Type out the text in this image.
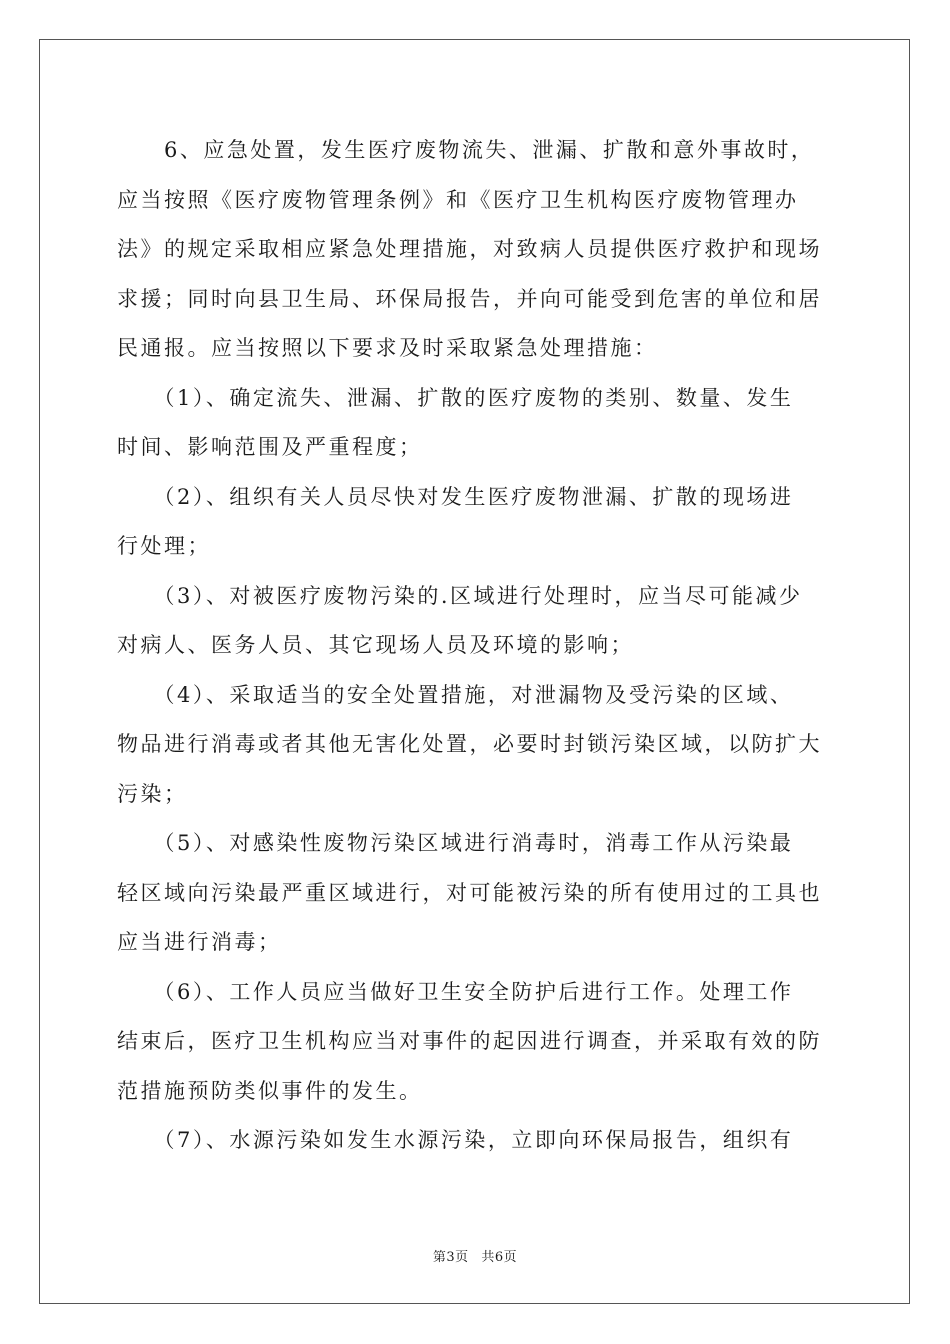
　　6、应急处置，发生医疗废物流失、泄漏、扩散和意外事故时，
应当按照《医疗废物管理条例》和《医疗卫生机构医疗废物管理办
法》的规定采取相应紧急处理措施，对致病人员提供医疗救护和现场
求援；同时向县卫生局、环保局报告，并向可能受到危害的单位和居
民通报。应当按照以下要求及时采取紧急处理措施：

　　（1）、确定流失、泄漏、扩散的医疗废物的类别、数量、发生
时间、影响范围及严重程度；

　　（2）、组织有关人员尽快对发生医疗废物泄漏、扩散的现场进
行处理；

　　（3）、对被医疗废物污染的.区域进行处理时，应当尽可能减少
对病人、医务人员、其它现场人员及环境的影响；

　　（4）、采取适当的安全处置措施，对泄漏物及受污染的区域、
物品进行消毒或者其他无害化处置，必要时封锁污染区域，以防扩大
污染；

　　（5）、对感染性废物污染区域进行消毒时，消毒工作从污染最
轻区域向污染最严重区域进行，对可能被污染的所有使用过的工具也
应当进行消毒；

　　（6）、工作人员应当做好卫生安全防护后进行工作。处理工作
结束后，医疗卫生机构应当对事件的起因进行调查，并采取有效的防
范措施预防类似事件的发生。

　　（7）、水源污染如发生水源污染，立即向环保局报告，组织有

第3页 共6页
